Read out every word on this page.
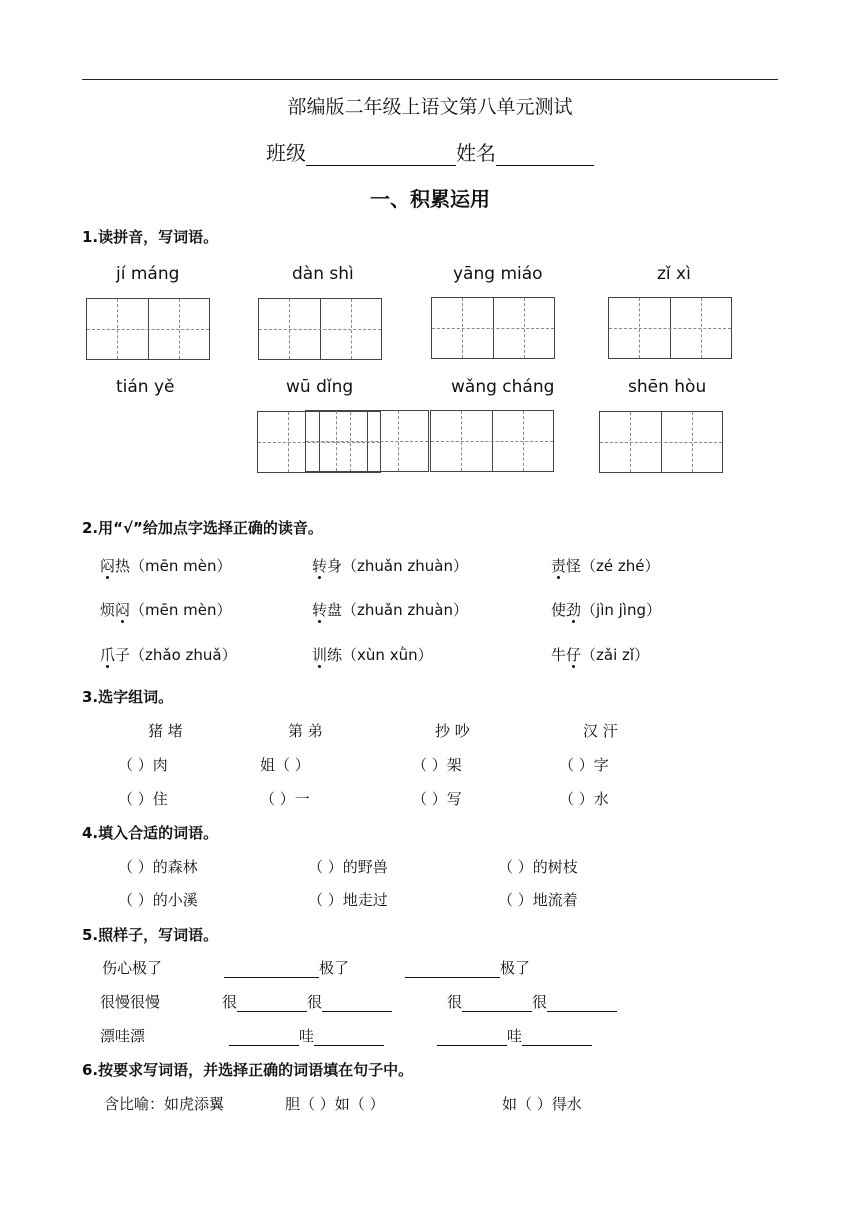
部编版二年级上语文第八单元测试
班级	姓名
一、积累运用
1.读拼音，写词语。
jí máng	dàn shì	yāng miáo	zǐ xì
tián yě	wū dǐng	wǎng cháng	shēn hòu
2.用“√”给加点字选择正确的读音。
闷热（mēn mèn）	转身（zhuǎn zhuàn）	责怪（zé zhé）
烦闷（mēn mèn）	转盘（zhuǎn zhuàn）	使劲（jìn jìng）
爪子（zhǎo zhuǎ）	训练（xùn xǜn）	牛仔（zǎi zǐ）
3.选字组词。
猪 堵	第 弟	抄 吵	汉 汗
（ ）肉	姐（ ）	（ ）架	（ ）字
（ ）住	（ ）一	（ ）写	（ ）水
4.填入合适的词语。
（ ）的森林	（ ）的野兽	（ ）的树枝
（ ）的小溪	（ ）地走过	（ ）地流着
5.照样子，写词语。
伤心极了	极了	极了
很慢很慢	很	很	很	很
漂哇漂	哇	哇
6.按要求写词语，并选择正确的词语填在句子中。
含比喻：如虎添翼	胆（ ）如（ ）	如（ ）得水
